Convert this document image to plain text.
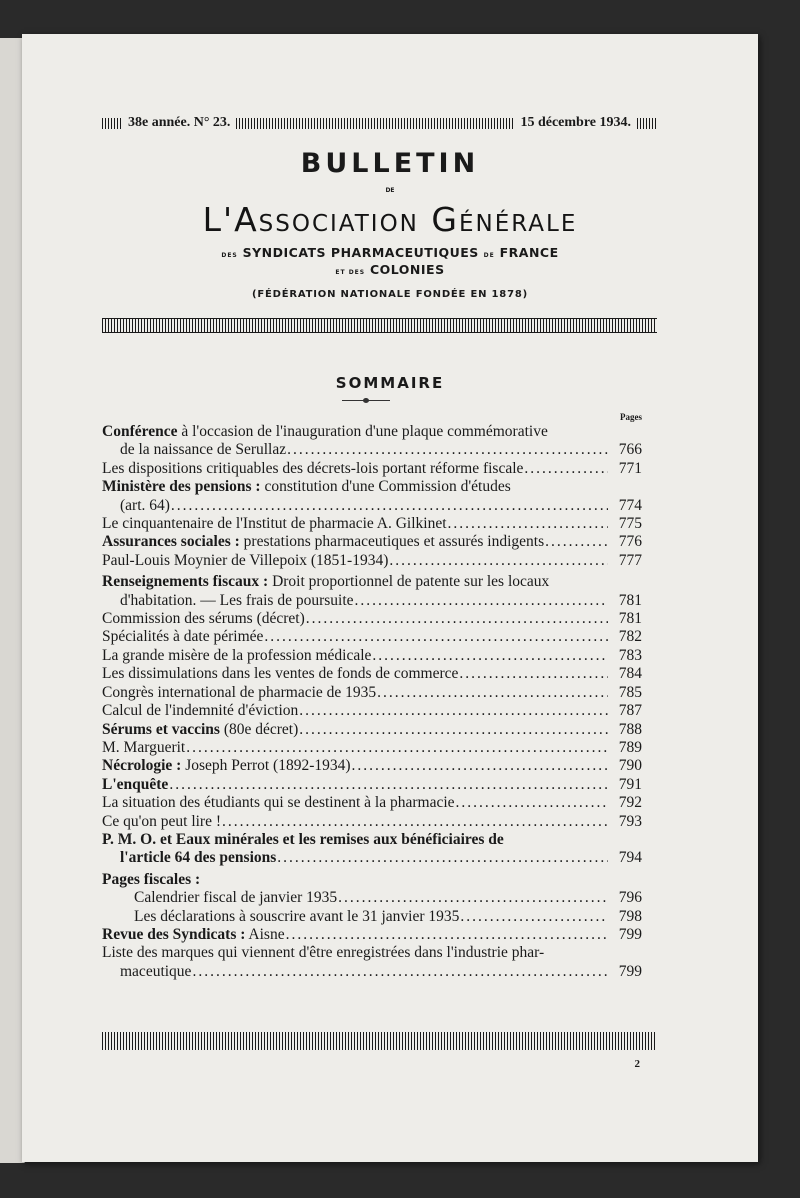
38e année. N° 23.	15 décembre 1934.
BULLETIN
DE
L'Association Générale
DES SYNDICATS PHARMACEUTIQUES DE FRANCE
ET DES COLONIES
(FÉDÉRATION NATIONALE FONDÉE EN 1878)
SOMMAIRE
Pages
Conférence à l'occasion de l'inauguration d'une plaque commémorative
de la naissance de Serullaz .....	766
Les dispositions critiquables des décrets-lois portant réforme fiscale .....	771
Ministère des pensions : constitution d'une Commission d'études
(art. 64) .....	774
Le cinquantenaire de l'Institut de pharmacie A. Gilkinet .....	775
Assurances sociales : prestations pharmaceutiques et assurés indigents .....	776
Paul-Louis Moynier de Villepoix (1851-1934) .....	777
Renseignements fiscaux : Droit proportionnel de patente sur les locaux
d'habitation. — Les frais de poursuite .....	781
Commission des sérums (décret) .....	781
Spécialités à date périmée .....	782
La grande misère de la profession médicale .....	783
Les dissimulations dans les ventes de fonds de commerce .....	784
Congrès international de pharmacie de 1935 .....	785
Calcul de l'indemnité d'éviction .....	787
Sérums et vaccins (80e décret) .....	788
M. Marguerit .....	789
Nécrologie : Joseph Perrot (1892-1934) .....	790
L'enquête .....	791
La situation des étudiants qui se destinent à la pharmacie .....	792
Ce qu'on peut lire ! .....	793
P. M. O. et Eaux minérales et les remises aux bénéficiaires de
l'article 64 des pensions .....	794
Pages fiscales :
Calendrier fiscal de janvier 1935 .....	796
Les déclarations à souscrire avant le 31 janvier 1935 .....	798
Revue des Syndicats : Aisne .....	799
Liste des marques qui viennent d'être enregistrées dans l'industrie phar-
maceutique .....	799
2
